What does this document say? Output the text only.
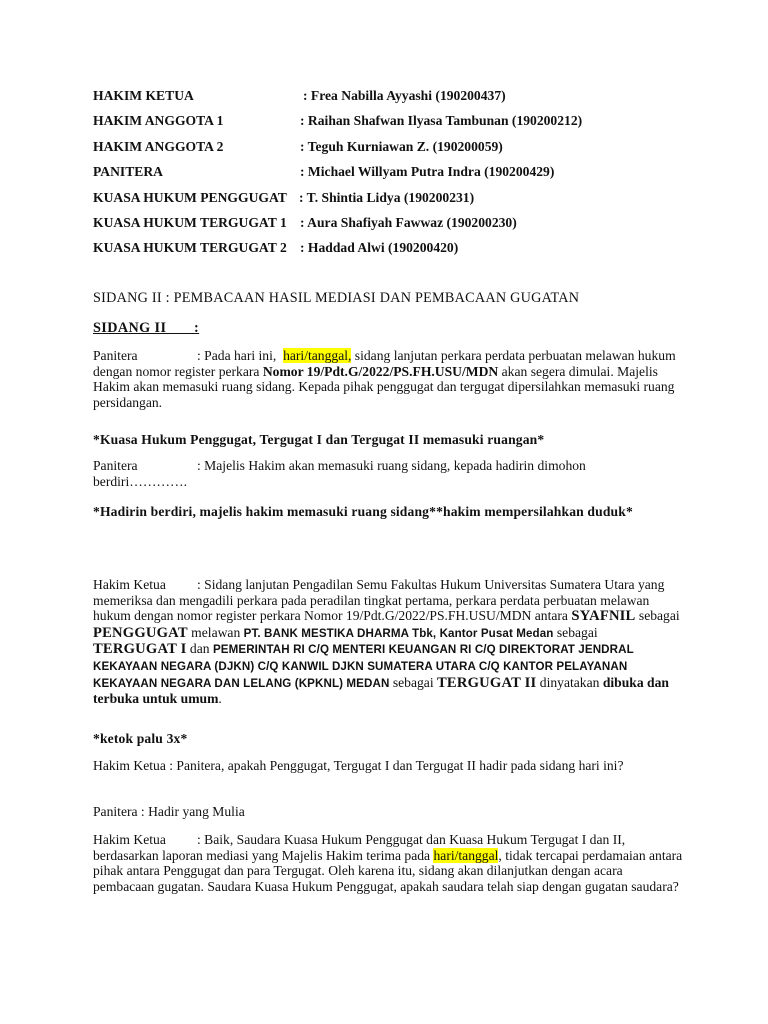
HAKIM KETUA	: Frea Nabilla Ayyashi (190200437)
HAKIM ANGGOTA 1	: Raihan Shafwan Ilyasa Tambunan (190200212)
HAKIM ANGGOTA 2	: Teguh Kurniawan Z. (190200059)
PANITERA	: Michael Willyam Putra Indra (190200429)
KUASA HUKUM PENGGUGAT : T. Shintia Lidya (190200231)
KUASA HUKUM TERGUGAT 1 : Aura Shafiyah Fawwaz (190200230)
KUASA HUKUM TERGUGAT 2 : Haddad Alwi (190200420)
SIDANG II : PEMBACAAN HASIL MEDIASI DAN PEMBACAAN GUGATAN
SIDANG II       :
Panitera	: Pada hari ini, hari/tanggal, sidang lanjutan perkara perdata perbuatan melawan hukum dengan nomor register perkara Nomor 19/Pdt.G/2022/PS.FH.USU/MDN akan segera dimulai. Majelis Hakim akan memasuki ruang sidang. Kepada pihak penggugat dan tergugat dipersilahkan memasuki ruang persidangan.
*Kuasa Hukum Penggugat, Tergugat I dan Tergugat II memasuki ruangan*
Panitera	: Majelis Hakim akan memasuki ruang sidang, kepada hadirin dimohon berdiri………….
*Hadirin berdiri, majelis hakim memasuki ruang sidang**hakim mempersilahkan duduk*
Hakim Ketua : Sidang lanjutan Pengadilan Semu Fakultas Hukum Universitas Sumatera Utara yang memeriksa dan mengadili perkara pada peradilan tingkat pertama, perkara perdata perbuatan melawan hukum dengan nomor register perkara Nomor 19/Pdt.G/2022/PS.FH.USU/MDN antara SYAFNIL sebagai PENGGUGAT melawan PT. BANK MESTIKA DHARMA Tbk, Kantor Pusat Medan sebagai TERGUGAT I dan PEMERINTAH RI C/Q MENTERI KEUANGAN RI C/Q DIREKTORAT JENDRAL KEKAYAAN NEGARA (DJKN) C/Q KANWIL DJKN SUMATERA UTARA C/Q KANTOR PELAYANAN KEKAYAAN NEGARA DAN LELANG (KPKNL) MEDAN sebagai TERGUGAT II dinyatakan dibuka dan terbuka untuk umum.
*ketok palu 3x*
Hakim Ketua : Panitera, apakah Penggugat, Tergugat I dan Tergugat II hadir pada sidang hari ini?
Panitera : Hadir yang Mulia
Hakim Ketua : Baik, Saudara Kuasa Hukum Penggugat dan Kuasa Hukum Tergugat I dan II, berdasarkan laporan mediasi yang Majelis Hakim terima pada hari/tanggal, tidak tercapai perdamaian antara pihak antara Penggugat dan para Tergugat. Oleh karena itu, sidang akan dilanjutkan dengan acara pembacaan gugatan. Saudara Kuasa Hukum Penggugat, apakah saudara telah siap dengan gugatan saudara?
